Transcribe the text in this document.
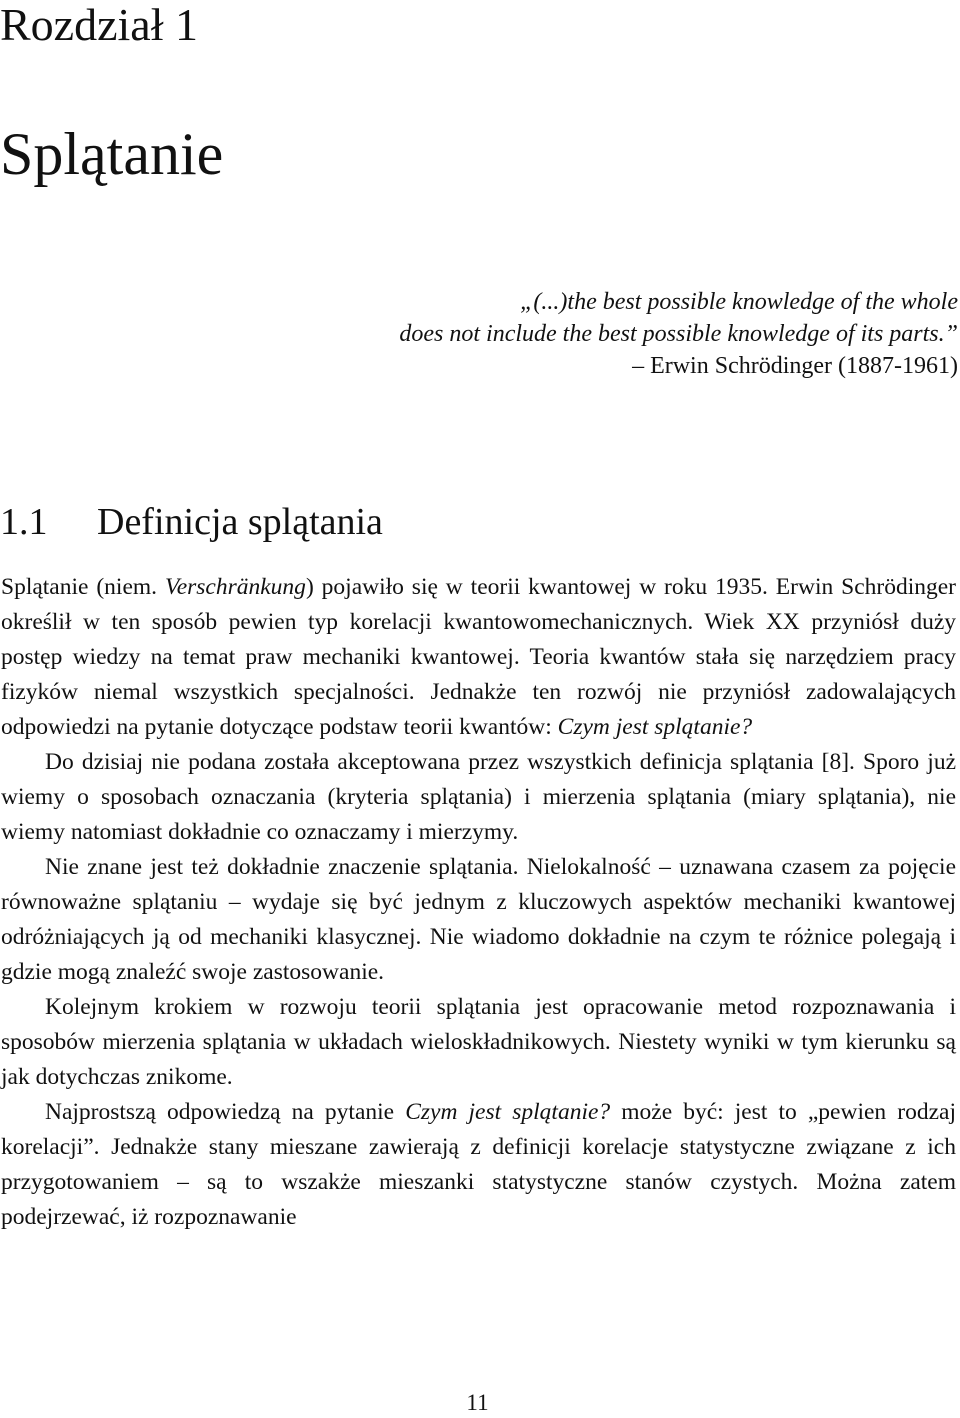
Rozdział 1
Splątanie
„(...)the best possible knowledge of the whole
does not include the best possible knowledge of its parts.”
– Erwin Schrödinger (1887-1961)
1.1 Definicja splątania

Splątanie (niem. Verschränkung) pojawiło się w teorii kwantowej w roku 1935. Erwin Schrödinger określił w ten sposób pewien typ korelacji kwantowomechanicznych. Wiek XX przyniósł duży postęp wiedzy na temat praw mechaniki kwantowej. Teoria kwantów stała się narzędziem pracy fizyków niemal wszystkich specjalności. Jednakże ten rozwój nie przyniósł zadowalających odpowiedzi na pytanie dotyczące podstaw teorii kwantów: Czym jest splątanie?

Do dzisiaj nie podana została akceptowana przez wszystkich definicja splątania [8]. Sporo już wiemy o sposobach oznaczania (kryteria splątania) i mierzenia splątania (miary splątania), nie wiemy natomiast dokładnie co oznaczamy i mierzymy.

Nie znane jest też dokładnie znaczenie splątania. Nielokalność – uznawana czasem za pojęcie równoważne splątaniu – wydaje się być jednym z kluczowych aspektów mechaniki kwantowej odróżniających ją od mechaniki klasycznej. Nie wiadomo dokładnie na czym te różnice polegają i gdzie mogą znaleźć swoje zastosowanie.

Kolejnym krokiem w rozwoju teorii splątania jest opracowanie metod rozpoznawania i sposobów mierzenia splątania w układach wieloskładnikowych. Niestety wyniki w tym kierunku są jak dotychczas znikome.

Najprostszą odpowiedzą na pytanie Czym jest splątanie? może być: jest to „pewien rodzaj korelacji”. Jednakże stany mieszane zawierają z definicji korelacje statystyczne związane z ich przygotowaniem – są to wszakże mieszanki statystyczne stanów czystych. Można zatem podejrzewać, iż rozpoznawanie

11
